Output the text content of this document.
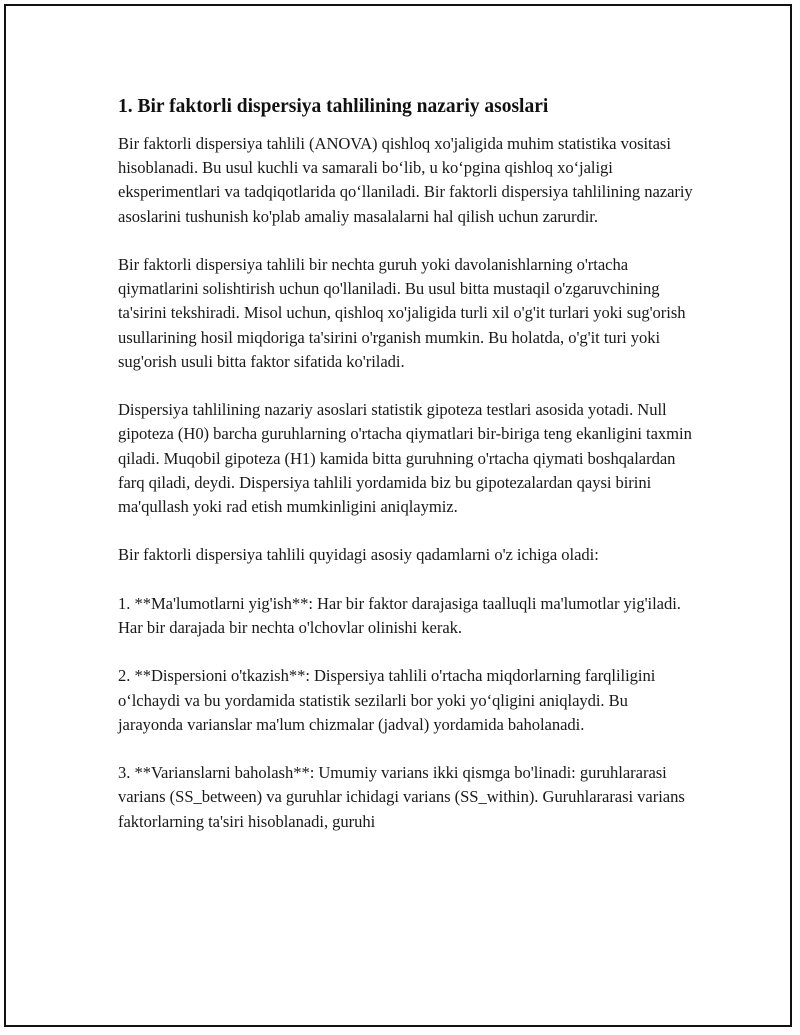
1. Bir faktorli dispersiya tahlilining nazariy asoslari

Bir faktorli dispersiya tahlili (ANOVA) qishloq xo'jaligida muhim statistika vositasi hisoblanadi. Bu usul kuchli va samarali bo‘lib, u ko‘pgina qishloq xo‘jaligi eksperimentlari va tadqiqotlarida qo‘llaniladi. Bir faktorli dispersiya tahlilining nazariy asoslarini tushunish ko'plab amaliy masalalarni hal qilish uchun zarurdir.

Bir faktorli dispersiya tahlili bir nechta guruh yoki davolanishlarning o'rtacha qiymatlarini solishtirish uchun qo'llaniladi. Bu usul bitta mustaqil o'zgaruvchining ta'sirini tekshiradi. Misol uchun, qishloq xo'jaligida turli xil o'g'it turlari yoki sug'orish usullarining hosil miqdoriga ta'sirini o'rganish mumkin. Bu holatda, o'g'it turi yoki sug'orish usuli bitta faktor sifatida ko'riladi.

Dispersiya tahlilining nazariy asoslari statistik gipoteza testlari asosida yotadi. Null gipoteza (H0) barcha guruhlarning o'rtacha qiymatlari bir-biriga teng ekanligini taxmin qiladi. Muqobil gipoteza (H1) kamida bitta guruhning o'rtacha qiymati boshqalardan farq qiladi, deydi. Dispersiya tahlili yordamida biz bu gipotezalardan qaysi birini ma'qullash yoki rad etish mumkinligini aniqlaymiz.

Bir faktorli dispersiya tahlili quyidagi asosiy qadamlarni o'z ichiga oladi:

1. **Ma'lumotlarni yig'ish**: Har bir faktor darajasiga taalluqli ma'lumotlar yig'iladi. Har bir darajada bir nechta o'lchovlar olinishi kerak.

2. **Dispersioni o'tkazish**: Dispersiya tahlili o'rtacha miqdorlarning farqliligini o‘lchaydi va bu yordamida statistik sezilarli bor yoki yo‘qligini aniqlaydi. Bu jarayonda varianslar ma'lum chizmalar (jadval) yordamida baholanadi.

3. **Varianslarni baholash**: Umumiy varians ikki qismga bo'linadi: guruhlararasi varians (SS_between) va guruhlar ichidagi varians (SS_within). Guruhlararasi varians faktorlarning ta'siri hisoblanadi, guruhi
